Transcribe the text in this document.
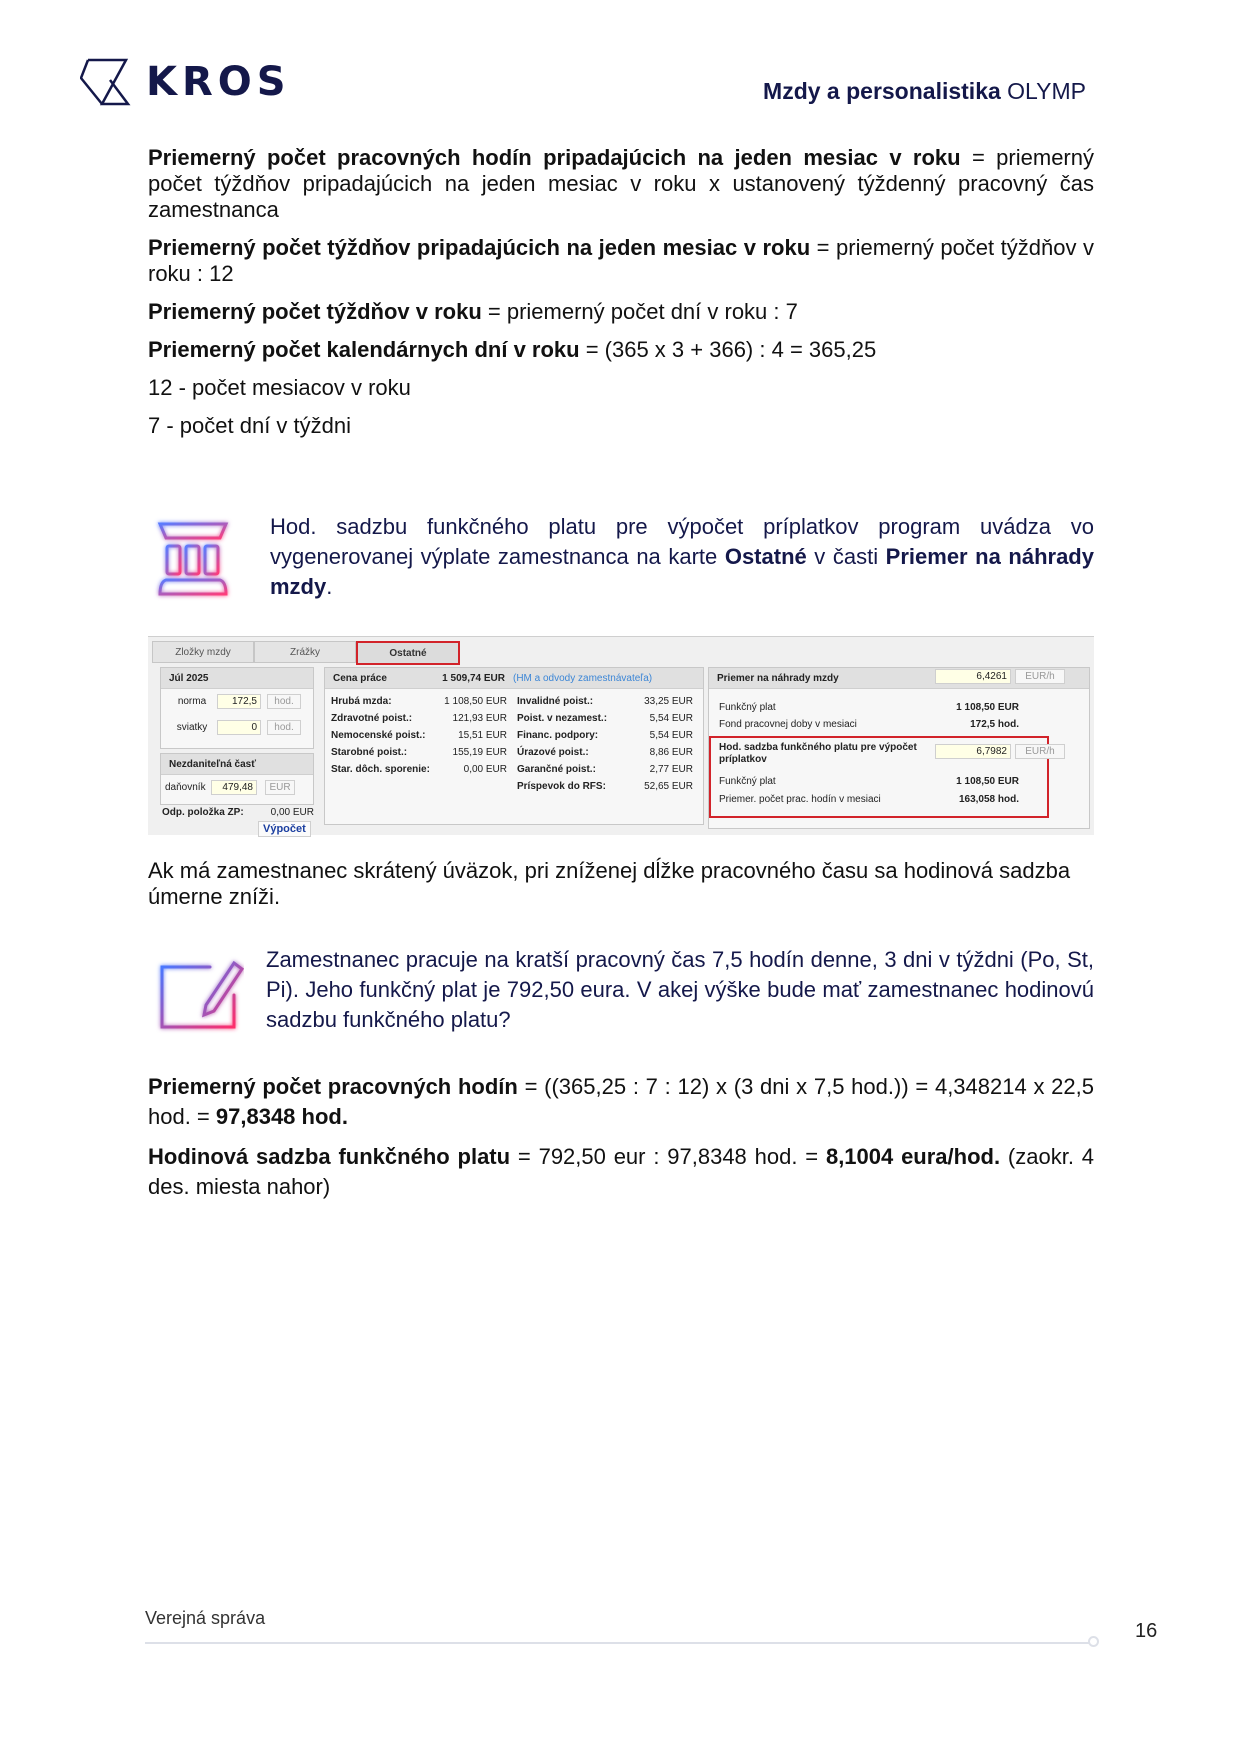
KROS	Mzdy a personalistika OLYMP

Priemerný počet pracovných hodín pripadajúcich na jeden mesiac v roku = priemerný počet týždňov pripadajúcich na jeden mesiac v roku x ustanovený týždenný pracovný čas zamestnanca

Priemerný počet týždňov pripadajúcich na jeden mesiac v roku = priemerný počet týždňov v roku : 12

Priemerný počet týždňov v roku = priemerný počet dní v roku : 7

Priemerný počet kalendárnych dní v roku = (365 x 3 + 366) : 4 = 365,25

12 - počet mesiacov v roku

7 - počet dní v týždni

Hod. sadzbu funkčného platu pre výpočet príplatkov program uvádza vo vygenerovanej výplate zamestnanca na karte Ostatné v časti Priemer na náhrady mzdy.
Zložky mzdy	Zrážky	Ostatné
Júl 2025
norma	172,5	hod.
sviatky	0	hod.
Nezdaniteľná časť
daňovník	479,48	EUR
Odp. položka ZP:	0,00 EUR
Výpočet
Cena práce	1 509,74 EUR (HM a odvody zamestnávateľa)
Hrubá mzda:	1 108,50 EUR
Zdravotné poist.:	121,93 EUR
Nemocenské poist.:	15,51 EUR
Starobné poist.:	155,19 EUR
Star. dôch. sporenie:	0,00 EUR
Invalidné poist.:	33,25 EUR
Poist. v nezamest.:	5,54 EUR
Financ. podpory:	5,54 EUR
Úrazové poist.:	8,86 EUR
Garančné poist.:	2,77 EUR
Príspevok do RFS:	52,65 EUR
Priemer na náhrady mzdy	6,4261	EUR/h
Funkčný plat	1 108,50 EUR
Fond pracovnej doby v mesiaci	172,5 hod.
Hod. sadzba funkčného platu pre výpočet príplatkov
6,7982	EUR/h
Funkčný plat	1 108,50 EUR
Priemer. počet prac. hodín v mesiaci	163,058 hod.

Ak má zamestnanec skrátený úväzok, pri zníženej dĺžke pracovného času sa hodinová sadzba úmerne zníži.

Zamestnanec pracuje na kratší pracovný čas 7,5 hodín denne, 3 dni v týždni (Po, St, Pi). Jeho funkčný plat je 792,50 eura. V akej výške bude mať zamestnanec hodinovú sadzbu funkčného platu?

Priemerný počet pracovných hodín = ((365,25 : 7 : 12) x (3 dni x 7,5 hod.)) = 4,348214 x 22,5 hod. = 97,8348 hod.

Hodinová sadzba funkčného platu = 792,50 eur : 97,8348 hod. = 8,1004 eura/hod. (zaokr. 4 des. miesta nahor)

Verejná správa
16
